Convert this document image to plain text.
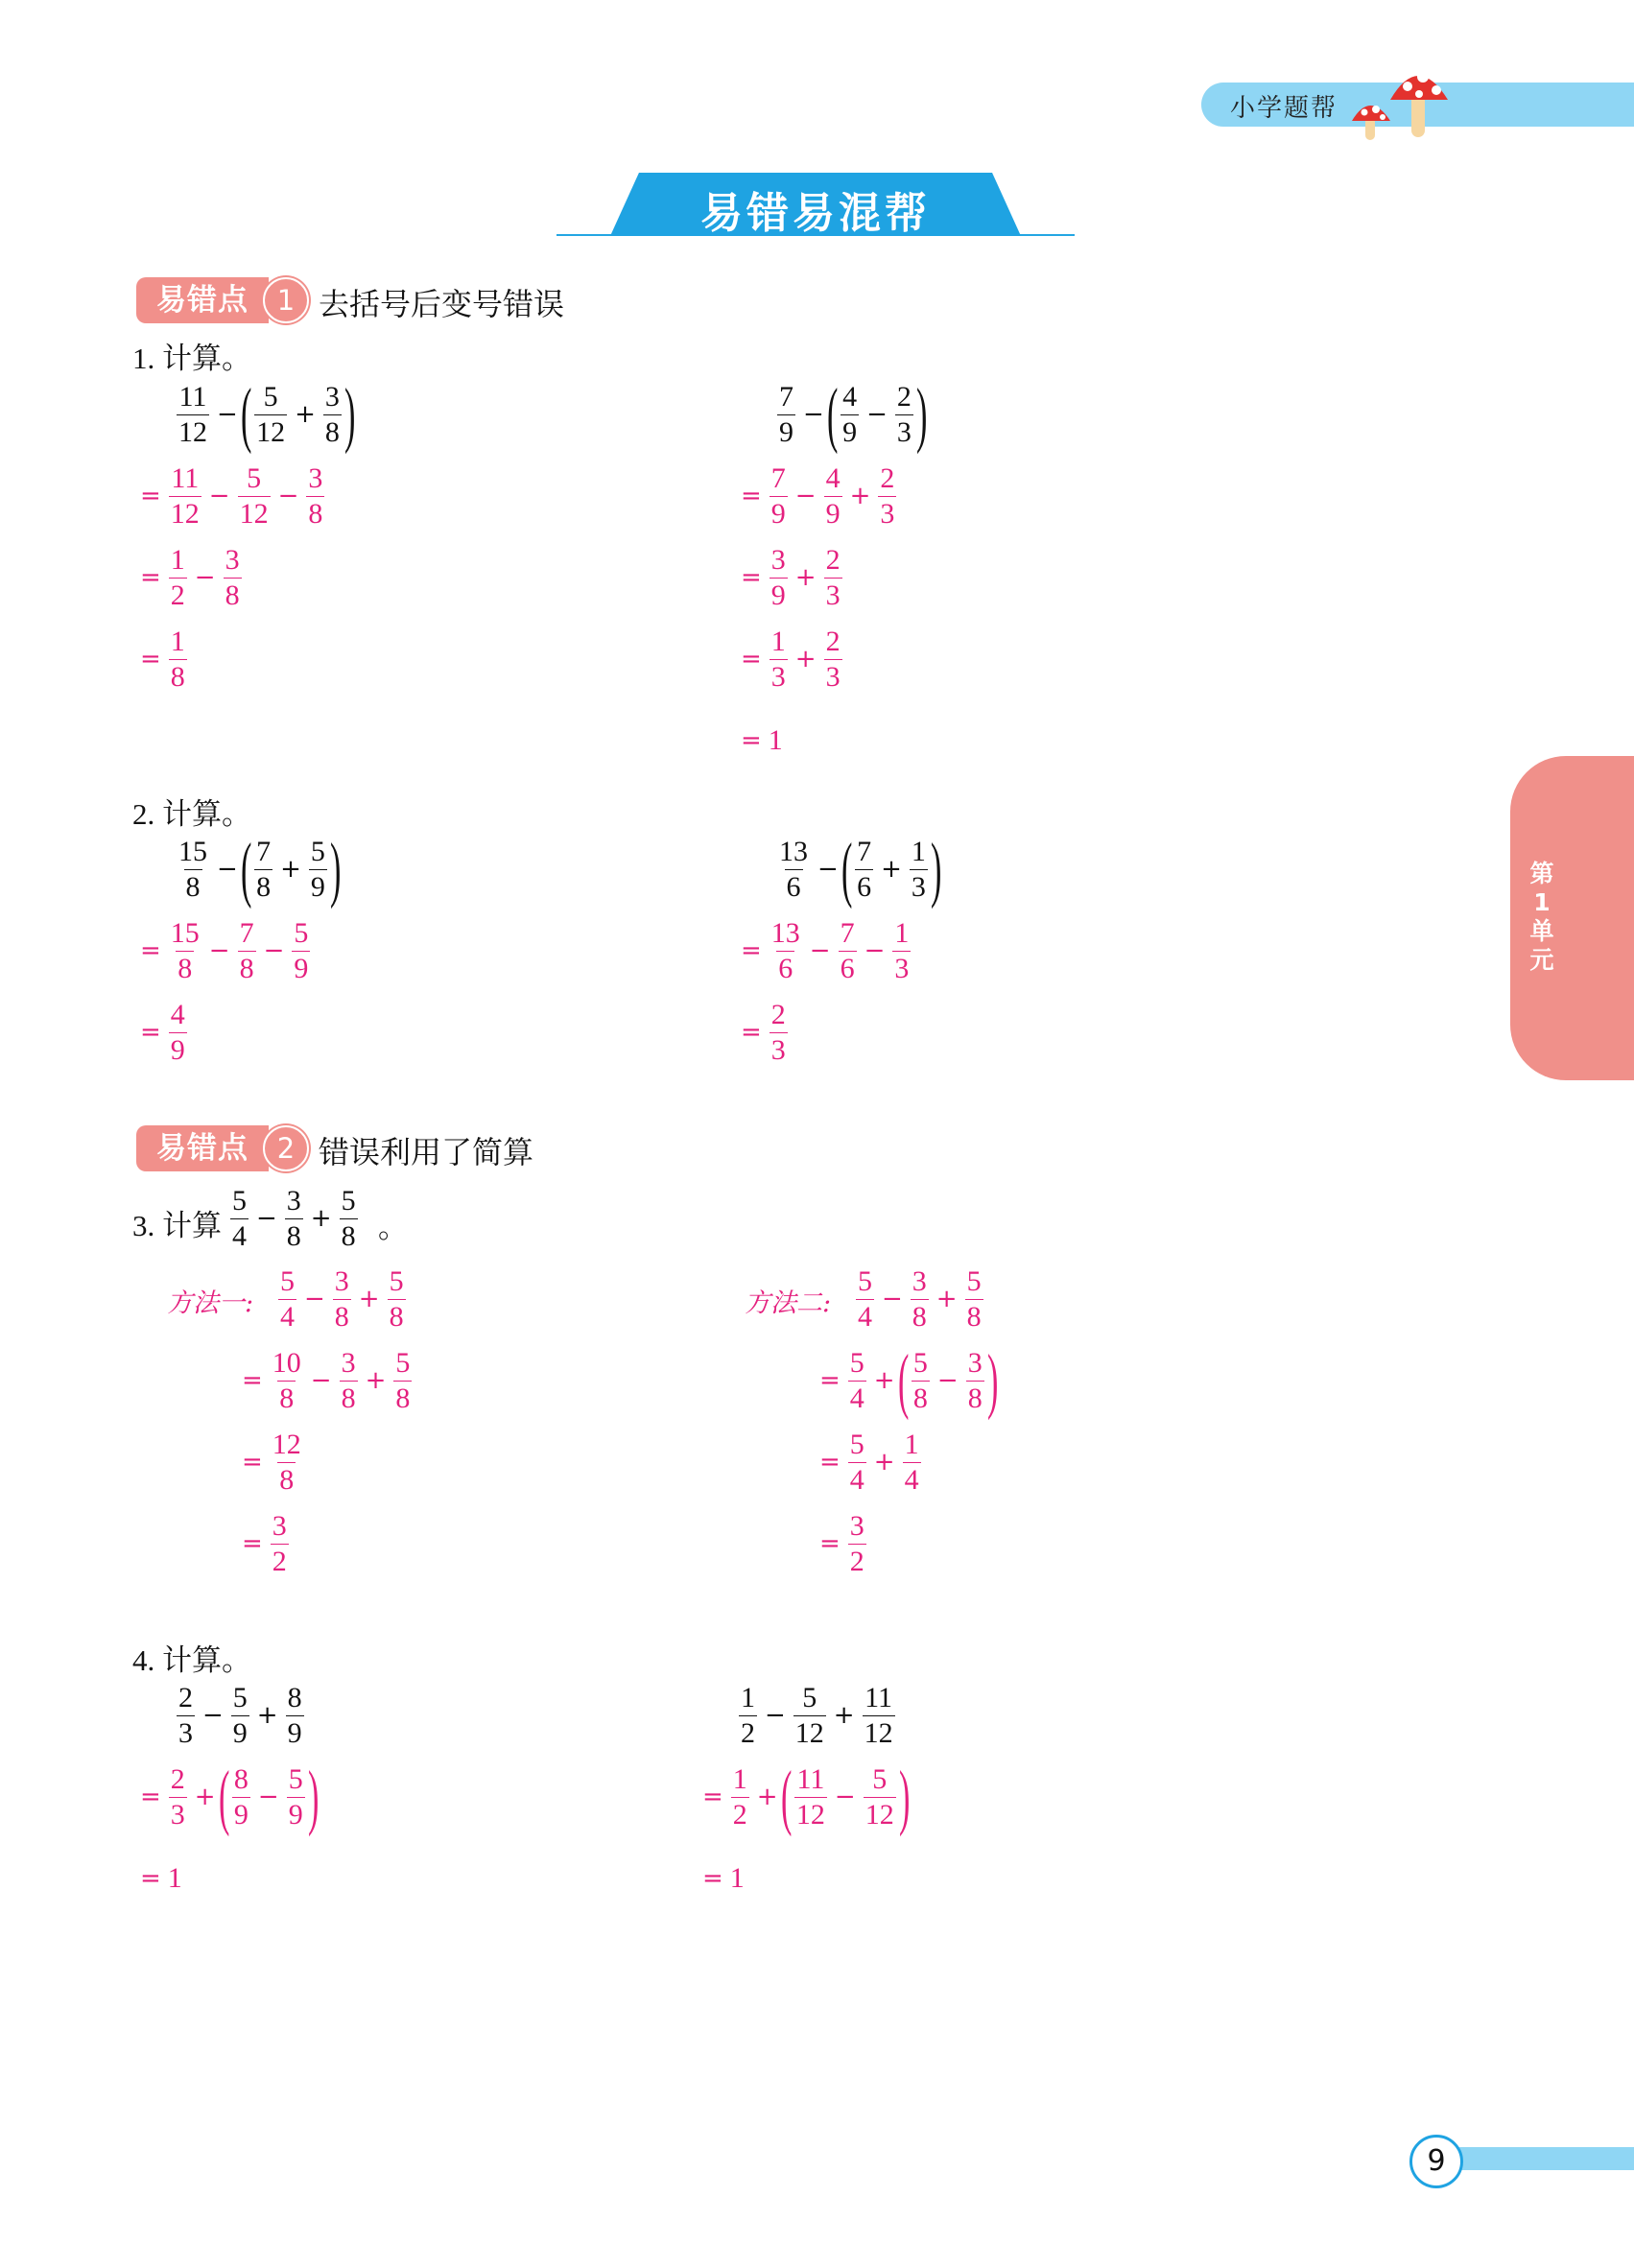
小学题帮
易错易混帮
易错点	1 去括号后变号错误
1. 计算。
$\frac{11}{12}$ − ( $\frac{5}{12} + \frac{3}{8}$ )
= $\frac{11}{12} - \frac{5}{12} - \frac{3}{8}$
= $\frac{1}{2} - \frac{3}{8}$
= $\frac{1}{8}$
$\frac{7}{9}$ − ( $\frac{4}{9} - \frac{2}{3}$ )
= $\frac{7}{9} - \frac{4}{9} + \frac{2}{3}$
= $\frac{3}{9} + \frac{2}{3}$
= $\frac{1}{3} + \frac{2}{3}$
= 1
2. 计算。
$\frac{15}{8}$ − ( $\frac{7}{8} + \frac{5}{9}$ )
= $\frac{15}{8} - \frac{7}{8} - \frac{5}{9}$
= $\frac{4}{9}$
$\frac{13}{6}$ − ( $\frac{7}{6} + \frac{1}{3}$ )
= $\frac{13}{6} - \frac{7}{6} - \frac{1}{3}$
= $\frac{2}{3}$
易错点	2 错误利用了简算
3. 计算 $\frac{5}{4} - \frac{3}{8} + \frac{5}{8}$ 。
方法一: $\frac{5}{4} - \frac{3}{8} + \frac{5}{8}$
= $\frac{10}{8} - \frac{3}{8} + \frac{5}{8}$
= $\frac{12}{8}$
= $\frac{3}{2}$
方法二: $\frac{5}{4} - \frac{3}{8} + \frac{5}{8}$
= $\frac{5}{4}$ + ( $\frac{5}{8} - \frac{3}{8}$ )
= $\frac{5}{4} + \frac{1}{4}$
= $\frac{3}{2}$
4. 计算。
$\frac{2}{3} - \frac{5}{9} + \frac{8}{9}$
= $\frac{2}{3}$ + ( $\frac{8}{9} - \frac{5}{9}$ )
= 1
$\frac{1}{2} - \frac{5}{12} + \frac{11}{12}$
= $\frac{1}{2}$ + ( $\frac{11}{12} - \frac{5}{12}$ )
= 1
第1单元
9
